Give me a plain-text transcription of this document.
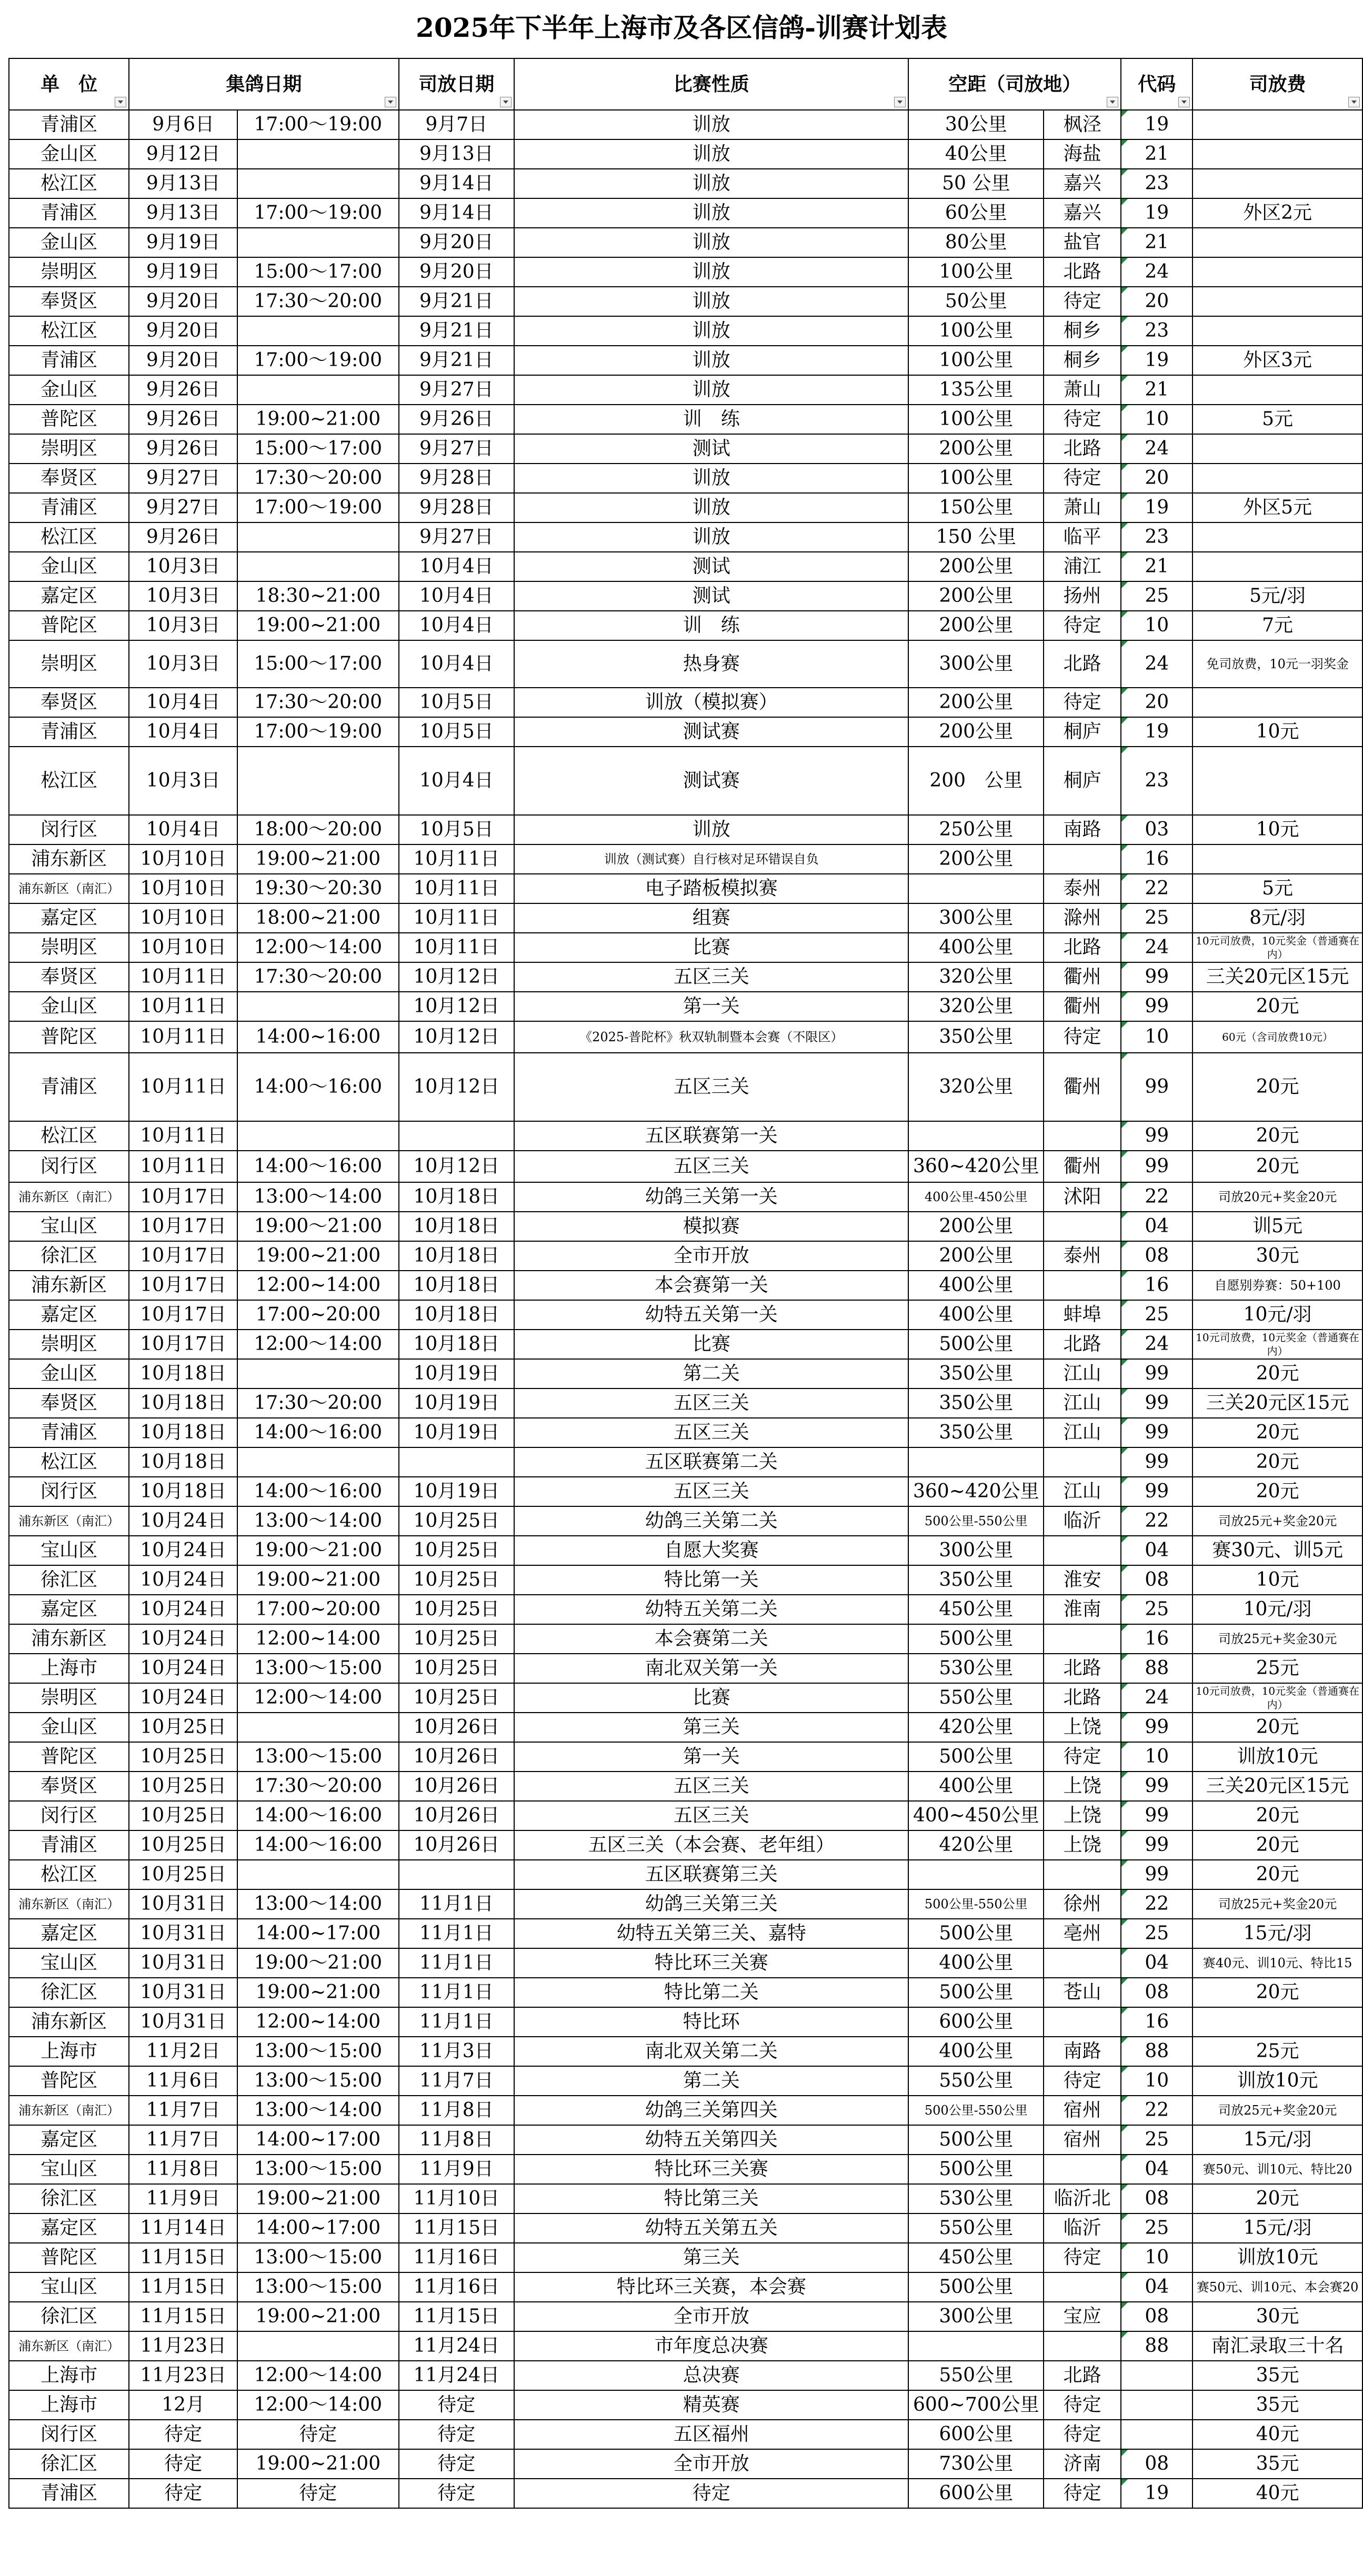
2025年下半年上海市及各区信鸽-训赛计划表
单　位	集鸽日期		司放日期	比赛性质	空距（司放地）		代码	司放费

青浦区	9月6日	17:00～19:00	9月7日	训放	30公里	枫泾	19	
金山区	9月12日		9月13日	训放	40公里	海盐	21	
松江区	9月13日		9月14日	训放	50 公里	嘉兴	23	
青浦区	9月13日	17:00～19:00	9月14日	训放	60公里	嘉兴	19	外区2元
金山区	9月19日		9月20日	训放	80公里	盐官	21	
崇明区	9月19日	15:00～17:00	9月20日	训放	100公里	北路	24	
奉贤区	9月20日	17:30～20:00	9月21日	训放	50公里	待定	20	
松江区	9月20日		9月21日	训放	100公里	桐乡	23	
青浦区	9月20日	17:00～19:00	9月21日	训放	100公里	桐乡	19	外区3元
金山区	9月26日		9月27日	训放	135公里	萧山	21	
普陀区	9月26日	19:00~21:00	9月26日	训　练	100公里	待定	10	5元
崇明区	9月26日	15:00～17:00	9月27日	测试	200公里	北路	24	
奉贤区	9月27日	17:30～20:00	9月28日	训放	100公里	待定	20	
青浦区	9月27日	17:00～19:00	9月28日	训放	150公里	萧山	19	外区5元
松江区	9月26日		9月27日	训放	150 公里	临平	23	
金山区	10月3日		10月4日	测试	200公里	浦江	21	
嘉定区	10月3日	18:30~21:00	10月4日	测试	200公里	扬州	25	5元/羽
普陀区	10月3日	19:00~21:00	10月4日	训　练	200公里	待定	10	7元
崇明区	10月3日	15:00～17:00	10月4日	热身赛	300公里	北路	24	免司放费，10元一羽奖金
奉贤区	10月4日	17:30～20:00	10月5日	训放（模拟赛）	200公里	待定	20	
青浦区	10月4日	17:00～19:00	10月5日	测试赛	200公里	桐庐	19	10元
松江区	10月3日		10月4日	测试赛	200　公里	桐庐	23	
闵行区	10月4日	18:00～20:00	10月5日	训放	250公里	南路	03	10元
浦东新区	10月10日	19:00~21:00	10月11日	训放（测试赛）自行核对足环错误自负	200公里		16	
浦东新区（南汇）	10月10日	19:30～20:30	10月11日	电子踏板模拟赛		泰州	22	5元
嘉定区	10月10日	18:00~21:00	10月11日	组赛	300公里	滁州	25	8元/羽
崇明区	10月10日	12:00～14:00	10月11日	比赛	400公里	北路	24	10元司放费，10元奖金（普通赛在内）
奉贤区	10月11日	17:30～20:00	10月12日	五区三关	320公里	衢州	99	三关20元区15元
金山区	10月11日		10月12日	第一关	320公里	衢州	99	20元
普陀区	10月11日	14:00~16:00	10月12日	《2025-普陀杯》秋双轨制暨本会赛（不限区）	350公里	待定	10	60元（含司放费10元）
青浦区	10月11日	14:00～16:00	10月12日	五区三关	320公里	衢州	99	20元
松江区	10月11日			五区联赛第一关			99	20元
闵行区	10月11日	14:00～16:00	10月12日	五区三关	360~420公里	衢州	99	20元
浦东新区（南汇）	10月17日	13:00～14:00	10月18日	幼鸽三关第一关	400公里-450公里	沭阳	22	司放20元+奖金20元
宝山区	10月17日	19:00～21:00	10月18日	模拟赛	200公里		04	训5元
徐汇区	10月17日	19:00~21:00	10月18日	全市开放	200公里	泰州	08	30元
浦东新区	10月17日	12:00~14:00	10月18日	本会赛第一关	400公里		16	自愿别券赛：50+100
嘉定区	10月17日	17:00~20:00	10月18日	幼特五关第一关	400公里	蚌埠	25	10元/羽
崇明区	10月17日	12:00～14:00	10月18日	比赛	500公里	北路	24	10元司放费，10元奖金（普通赛在内）
金山区	10月18日		10月19日	第二关	350公里	江山	99	20元
奉贤区	10月18日	17:30～20:00	10月19日	五区三关	350公里	江山	99	三关20元区15元
青浦区	10月18日	14:00～16:00	10月19日	五区三关	350公里	江山	99	20元
松江区	10月18日			五区联赛第二关			99	20元
闵行区	10月18日	14:00～16:00	10月19日	五区三关	360~420公里	江山	99	20元
浦东新区（南汇）	10月24日	13:00～14:00	10月25日	幼鸽三关第二关	500公里-550公里	临沂	22	司放25元+奖金20元
宝山区	10月24日	19:00～21:00	10月25日	自愿大奖赛	300公里		04	赛30元、训5元
徐汇区	10月24日	19:00~21:00	10月25日	特比第一关	350公里	淮安	08	10元
嘉定区	10月24日	17:00~20:00	10月25日	幼特五关第二关	450公里	淮南	25	10元/羽
浦东新区	10月24日	12:00~14:00	10月25日	本会赛第二关	500公里		16	司放25元+奖金30元
上海市	10月24日	13:00～15:00	10月25日	南北双关第一关	530公里	北路	88	25元
崇明区	10月24日	12:00～14:00	10月25日	比赛	550公里	北路	24	10元司放费，10元奖金（普通赛在内）
金山区	10月25日		10月26日	第三关	420公里	上饶	99	20元
普陀区	10月25日	13:00～15:00	10月26日	第一关	500公里	待定	10	训放10元
奉贤区	10月25日	17:30～20:00	10月26日	五区三关	400公里	上饶	99	三关20元区15元
闵行区	10月25日	14:00～16:00	10月26日	五区三关	400~450公里	上饶	99	20元
青浦区	10月25日	14:00～16:00	10月26日	五区三关（本会赛、老年组）	420公里	上饶	99	20元
松江区	10月25日			五区联赛第三关			99	20元
浦东新区（南汇）	10月31日	13:00～14:00	11月1日	幼鸽三关第三关	500公里-550公里	徐州	22	司放25元+奖金20元
嘉定区	10月31日	14:00~17:00	11月1日	幼特五关第三关、嘉特	500公里	亳州	25	15元/羽
宝山区	10月31日	19:00～21:00	11月1日	特比环三关赛	400公里		04	赛40元、训10元、特比15
徐汇区	10月31日	19:00~21:00	11月1日	特比第二关	500公里	苍山	08	20元
浦东新区	10月31日	12:00~14:00	11月1日	特比环	600公里		16	
上海市	11月2日	13:00～15:00	11月3日	南北双关第二关	400公里	南路	88	25元
普陀区	11月6日	13:00～15:00	11月7日	第二关	550公里	待定	10	训放10元
浦东新区（南汇）	11月7日	13:00～14:00	11月8日	幼鸽三关第四关	500公里-550公里	宿州	22	司放25元+奖金20元
嘉定区	11月7日	14:00~17:00	11月8日	幼特五关第四关	500公里	宿州	25	15元/羽
宝山区	11月8日	13:00～15:00	11月9日	特比环三关赛	500公里		04	赛50元、训10元、特比20
徐汇区	11月9日	19:00~21:00	11月10日	特比第三关	530公里	临沂北	08	20元
嘉定区	11月14日	14:00~17:00	11月15日	幼特五关第五关	550公里	临沂	25	15元/羽
普陀区	11月15日	13:00～15:00	11月16日	第三关	450公里	待定	10	训放10元
宝山区	11月15日	13:00～15:00	11月16日	特比环三关赛，本会赛	500公里		04	赛50元、训10元、本会赛20
徐汇区	11月15日	19:00~21:00	11月15日	全市开放	300公里	宝应	08	30元
浦东新区（南汇）	11月23日		11月24日	市年度总决赛			88	南汇录取三十名
上海市	11月23日	12:00～14:00	11月24日	总决赛	550公里	北路		35元
上海市	12月	12:00～14:00	待定	精英赛	600~700公里	待定		35元
闵行区	待定	待定	待定	五区福州	600公里	待定		40元
徐汇区	待定	19:00~21:00	待定	全市开放	730公里	济南	08	35元
青浦区	待定	待定	待定	待定	600公里	待定	19	40元
